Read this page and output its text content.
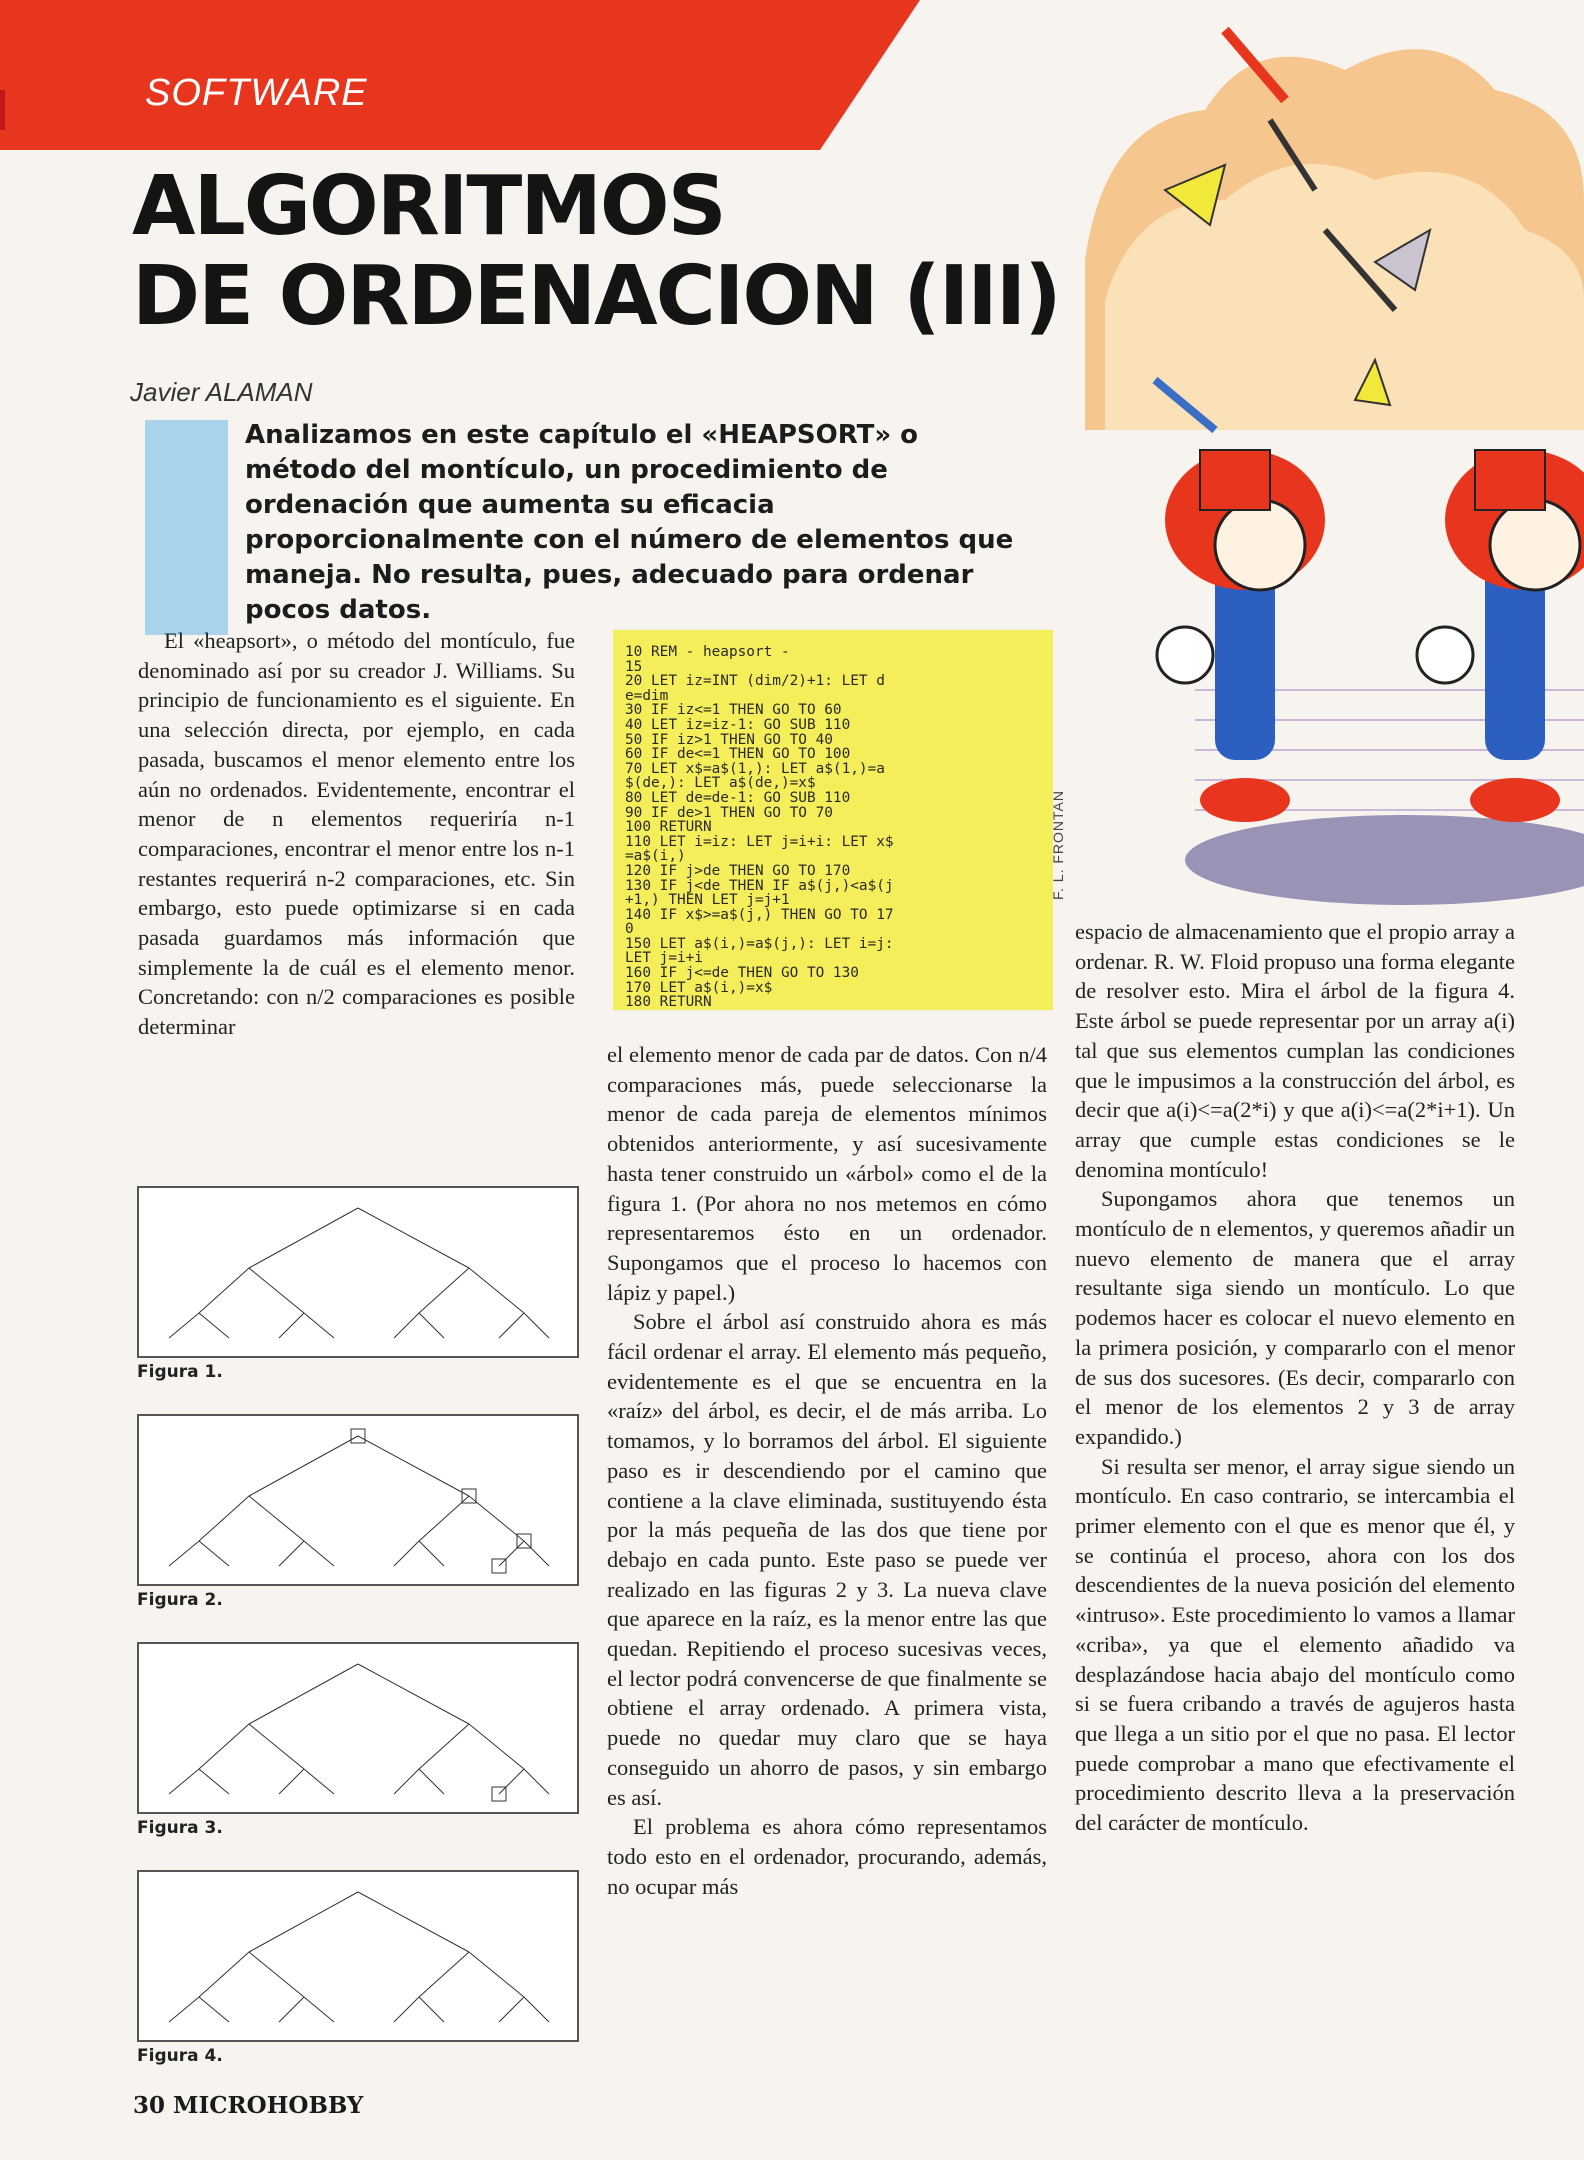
SOFTWARE
ALGORITMOS
DE ORDENACION (III)
Javier ALAMAN
Analizamos en este capítulo el «HEAPSORT» o método del montículo, un procedimiento de ordenación que aumenta su eficacia proporcionalmente con el número de elementos que maneja. No resulta, pues, adecuado para ordenar pocos datos.

El «heapsort», o método del montículo, fue denominado así por su creador J. Williams. Su principio de funcionamiento es el siguiente. En una selección directa, por ejemplo, en cada pasada, buscamos el menor elemento entre los aún no ordenados. Evidentemente, encontrar el menor de n elementos requeriría n-1 comparaciones, encontrar el menor entre los n-1 restantes requerirá n-2 comparaciones, etc. Sin embargo, esto puede optimizarse si en cada pasada guardamos más información que simplemente la de cuál es el elemento menor. Concretando: con n/2 comparaciones es posible determinar

10 REM - heapsort -
15
20 LET iz=INT (dim/2)+1: LET d
e=dim
30 IF iz<=1 THEN GO TO 60
40 LET iz=iz-1: GO SUB 110
50 IF iz>1 THEN GO TO 40
60 IF de<=1 THEN GO TO 100
70 LET x$=a$(1,): LET a$(1,)=a
$(de,): LET a$(de,)=x$
80 LET de=de-1: GO SUB 110
90 IF de>1 THEN GO TO 70
100 RETURN
110 LET i=iz: LET j=i+i: LET x$
=a$(i,)
120 IF j>de THEN GO TO 170
130 IF j<de THEN IF a$(j,)<a$(j
+1,) THEN LET j=j+1
140 IF x$>=a$(j,) THEN GO TO 17
0
150 LET a$(i,)=a$(j,): LET i=j:
LET j=i+i
160 IF j<=de THEN GO TO 130
170 LET a$(i,)=x$
180 RETURN

el elemento menor de cada par de datos. Con n/4 comparaciones más, puede seleccionarse la menor de cada pareja de elementos mínimos obtenidos anteriormente, y así sucesivamente hasta tener construido un «árbol» como el de la figura 1. (Por ahora no nos metemos en cómo representaremos ésto en un ordenador. Supongamos que el proceso lo hacemos con lápiz y papel.)

Sobre el árbol así construido ahora es más fácil ordenar el array. El elemento más pequeño, evidentemente es el que se encuentra en la «raíz» del árbol, es decir, el de más arriba. Lo tomamos, y lo borramos del árbol. El siguiente paso es ir descendiendo por el camino que contiene a la clave eliminada, sustituyendo ésta por la más pequeña de las dos que tiene por debajo en cada punto. Este paso se puede ver realizado en las figuras 2 y 3. La nueva clave que aparece en la raíz, es la menor entre las que quedan. Repitiendo el proceso sucesivas veces, el lector podrá convencerse de que finalmente se obtiene el array ordenado. A primera vista, puede no quedar muy claro que se haya conseguido un ahorro de pasos, y sin embargo es así.

El problema es ahora cómo representamos todo esto en el ordenador, procurando, además, no ocupar más

espacio de almacenamiento que el propio array a ordenar. R. W. Floid propuso una forma elegante de resolver esto. Mira el árbol de la figura 4. Este árbol se puede representar por un array a(i) tal que sus elementos cumplan las condiciones que le impusimos a la construcción del árbol, es decir que a(i)<=a(2*i) y que a(i)<=a(2*i+1). Un array que cumple estas condiciones se le denomina montículo!

Supongamos ahora que tenemos un montículo de n elementos, y queremos añadir un nuevo elemento de manera que el array resultante siga siendo un montículo. Lo que podemos hacer es colocar el nuevo elemento en la primera posición, y compararlo con el menor de sus dos sucesores. (Es decir, compararlo con el menor de los elementos 2 y 3 de array expandido.)

Si resulta ser menor, el array sigue siendo un montículo. En caso contrario, se intercambia el primer elemento con el que es menor que él, y se continúa el proceso, ahora con los dos descendientes de la nueva posición del elemento «intruso». Este procedimiento lo vamos a llamar «criba», ya que el elemento añadido va desplazándose hacia abajo del montículo como si se fuera cribando a través de agujeros hasta que llega a un sitio por el que no pasa. El lector puede comprobar a mano que efectivamente el procedimiento descrito lleva a la preservación del carácter de montículo.

F. L. FRONTAN
Figura 1.
Figura 2.
Figura 3.
Figura 4.
30 MICROHOBBY
